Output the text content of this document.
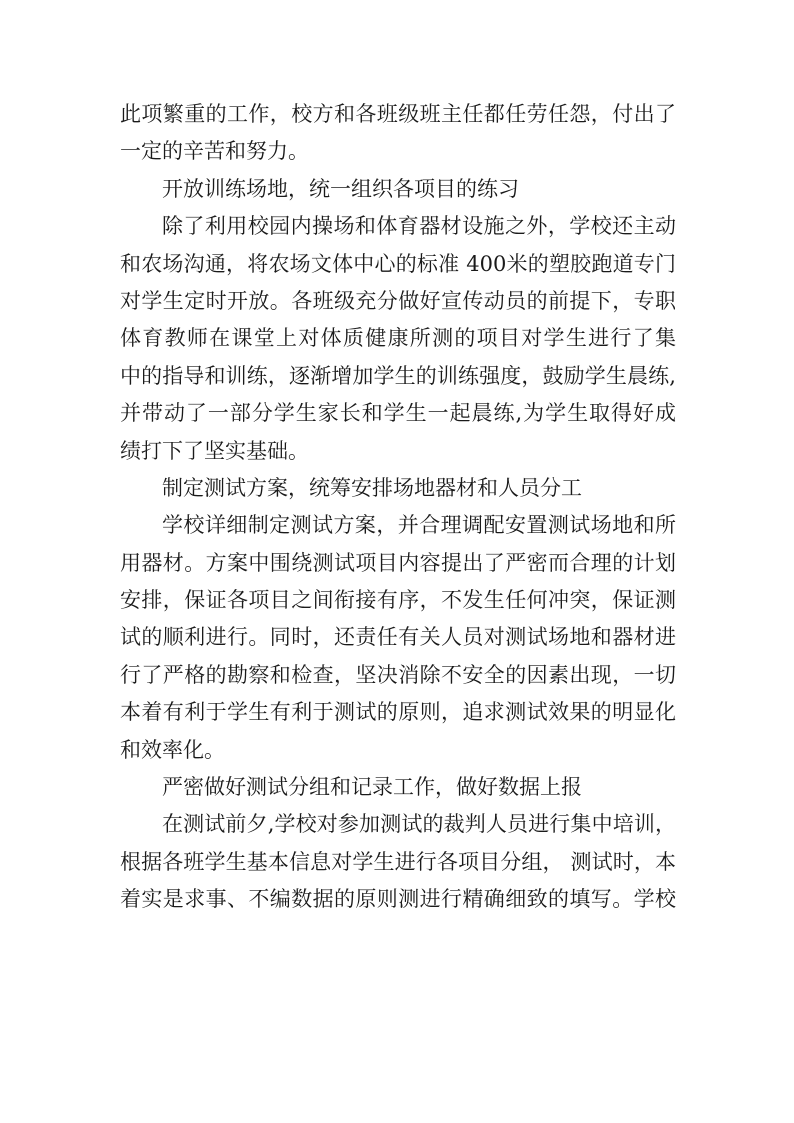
此项繁重的工作，校方和各班级班主任都任劳任怨，付出了
一定的辛苦和努力。
开放训练场地，统一组织各项目的练习
除了利用校园内操场和体育器材设施之外，学校还主动
和农场沟通，将农场文体中心的标准 400米的塑胶跑道专门
对学生定时开放。各班级充分做好宣传动员的前提下，专职
体育教师在课堂上对体质健康所测的项目对学生进行了集
中的指导和训练，逐渐增加学生的训练强度，鼓励学生晨练,
并带动了一部分学生家长和学生一起晨练,为学生取得好成
绩打下了坚实基础。
制定测试方案，统筹安排场地器材和人员分工
学校详细制定测试方案，并合理调配安置测试场地和所
用器材。方案中围绕测试项目内容提出了严密而合理的计划
安排，保证各项目之间衔接有序，不发生任何冲突，保证测
试的顺利进行。同时，还责任有关人员对测试场地和器材进
行了严格的勘察和检查，坚决消除不安全的因素出现，一切
本着有利于学生有利于测试的原则，追求测试效果的明显化
和效率化。
严密做好测试分组和记录工作，做好数据上报
在测试前夕,学校对参加测试的裁判人员进行集中培训，
根据各班学生基本信息对学生进行各项目分组， 测试时，本
着实是求事、不编数据的原则测进行精确细致的填写。学校
